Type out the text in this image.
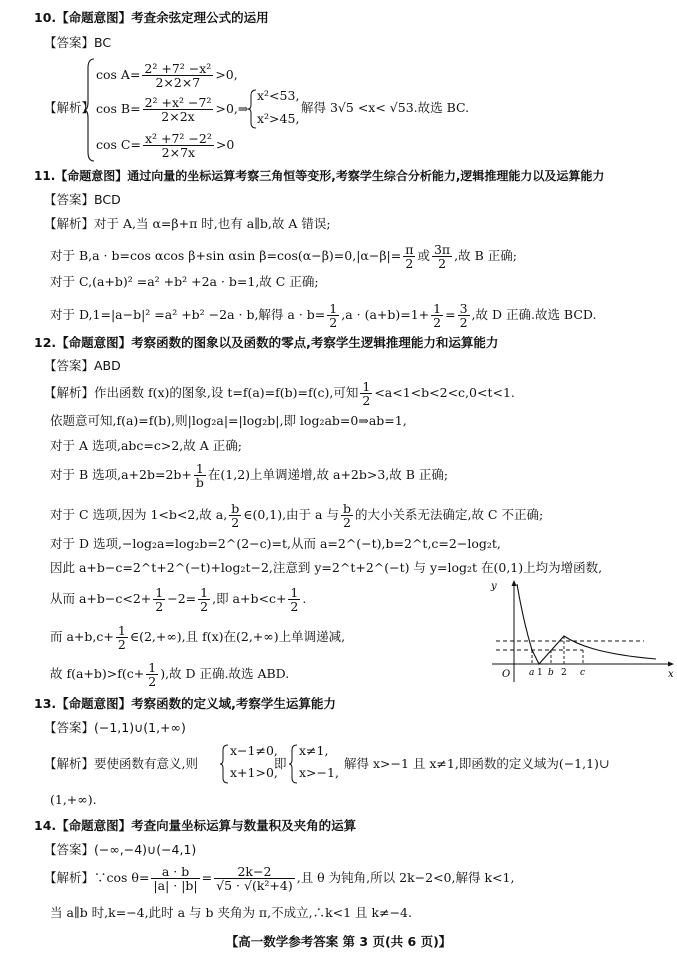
10.【命题意图】考查余弦定理公式的运用
【答案】BC
【解析】
$\cos A= \frac{\text{2² +7² −x²}}{2\times 2\times 7} >0$,
$\cos B= \frac{\text{2² +x² −7²}}{2\times 2x}$ >0,⇒
x²<53,
x²>45,
解得 3√5 <x< √53.故选 BC.
$\cos C= \frac{\text{x² +7² −2²}}{2\times 7x} >0$
11.【命题意图】通过向量的坐标运算考察三角恒等变形,考察学生综合分析能力,逻辑推理能力以及运算能力
【答案】BCD
【解析】对于 A,当 α=β+π 时,也有 a∥b,故 A 错误;
对于 B,a · b=cos αcos β+sin αsin $\beta=\cos(\alpha-\beta)=0,|\alpha-\beta|= \frac{\pi}{2}$ 或 $\frac{3\pi}{2}$ ,故 B 正确;
对于 C,(a+b)² =a² +b² +2a · b=1,故 C 正确;
对于 D,1=|a−b|² =a² +b² −2a · b,解得 $a \cdot b= \frac{1}{2} ,a \cdot (a+b)=1+ \frac{1}{2} = \frac{3}{2}$ ,故 D 正确.故选 BCD.
12.【命题意图】考察函数的图象以及函数的零点,考察学生逻辑推理能力和运算能力
【答案】ABD
【解析】作出函数 f(x)的图象,设 t=f(a)=f(b)=f(c),可知 $\frac{1}{2} <a<1<b<2<c,0<t<1$.
依题意可知,f(a)=f(b),则|log₂a|=|log₂b|,即 log₂ab=0⇒ab=1,
对于 A 选项,abc=c>2,故 A 正确;
对于 B 选项$,a+2b=2b+ \frac{1}{b}$ 在(1,2)上单调递增,故 a+2b>3,故 B 正确;
对于 C 选项,因为 1<b<2,故 a, $\frac{b}{2}$ ∈(0,1),由于 a 与 $\frac{b}{2}$ 的大小关系无法确定,故 C 不正确;
对于 D 选项,−log₂a=log₂b=2^(2−c)=t,从而 a=2^(−t),b=2^t,c=2−log₂t,
因此 a+b−c=2^t+2^(−t)+log₂t−2,注意到 y=2^t+2^(−t) 与 y=log₂t 在(0,1)上均为增函数,
从而 $a+b-c<2+ \frac{1}{2} -2= \frac{1}{2}$ ,即 $a+b<c+ \frac{1}{2}$ .
而 $a+b,c+ \frac{1}{2}$ ∈(2,+∞),且 f(x)在(2,+∞)上单调递减,
故 $f(a+b)>f(c+ \frac{1}{2}$ ),故 D 正确.故选 ABD.
y
x
O a 1 b 2 c
13.【命题意图】考察函数的定义域,考察学生运算能力
【答案】(−1,1)∪(1,+∞)
【解析】要使函数有意义,则
x−1≠0,
x+1>0,
即
x≠1,
x>−1,
解得 x>−1 且 x≠1,即函数的定义域为(−1,1)∪
(1,+∞).
14.【命题意图】考查向量坐标运算与数量积及夹角的运算
【答案】(−∞,−4)∪(−4,1)
【解析】∵cos $\theta= \frac{a \cdot b}{|a| \cdot |b|} = \frac{2k-2}{\text{√5 · √(k²+4)}}$ ,且 θ 为钝角,所以 2k−2<0,解得 k<1,
当 a∥b 时,k=−4,此时 a 与 b 夹角为 π,不成立,∴k<1 且 k≠−4.
【高一数学参考答案 第 3 页(共 6 页)】
